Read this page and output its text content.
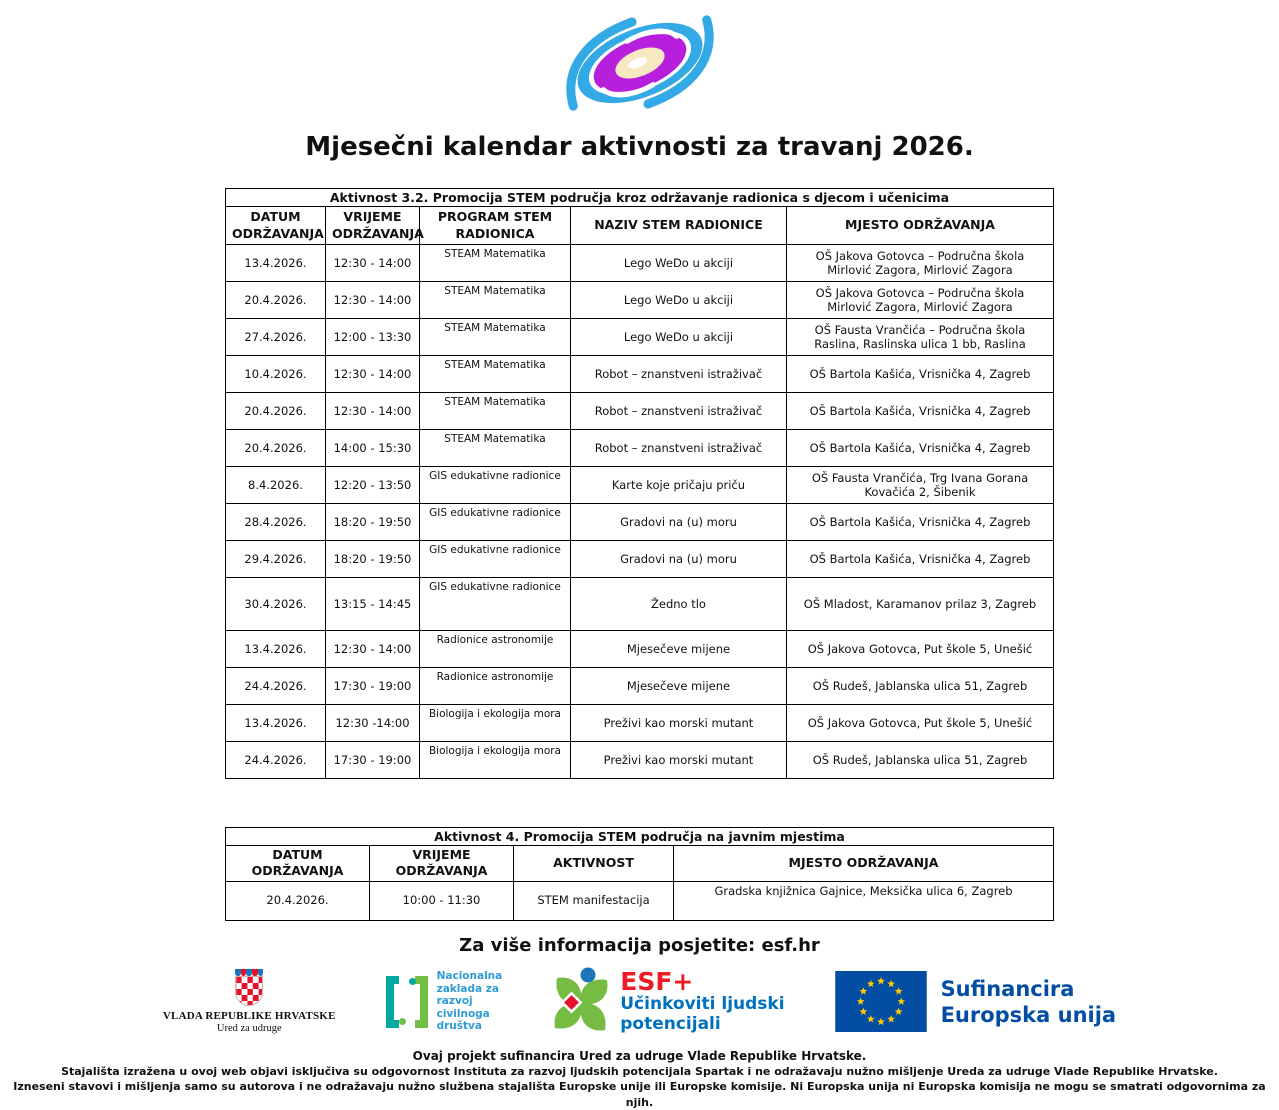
Mjesečni kalendar aktivnosti za travanj 2026.
Aktivnost 3.2. Promocija STEM područja kroz održavanje radionica s djecom i učenicima				
DATUM ODRŽAVANJA	VRIJEME ODRŽAVANJA	PROGRAM STEM RADIONICA	NAZIV STEM RADIONICE	MJESTO ODRŽAVANJA
13.4.2026.	12:30 - 14:00	STEAM Matematika	Lego WeDo u akciji	OŠ Jakova Gotovca – Područna škola Mirlović Zagora, Mirlović Zagora
20.4.2026.	12:30 - 14:00	STEAM Matematika	Lego WeDo u akciji	OŠ Jakova Gotovca – Područna škola Mirlović Zagora, Mirlović Zagora
27.4.2026.	12:00 - 13:30	STEAM Matematika	Lego WeDo u akciji	OŠ Fausta Vrančića – Područna škola Raslina, Raslinska ulica 1 bb, Raslina
10.4.2026.	12:30 - 14:00	STEAM Matematika	Robot – znanstveni istraživač	OŠ Bartola Kašića, Vrisnička 4, Zagreb
20.4.2026.	12:30 - 14:00	STEAM Matematika	Robot – znanstveni istraživač	OŠ Bartola Kašića, Vrisnička 4, Zagreb
20.4.2026.	14:00 - 15:30	STEAM Matematika	Robot – znanstveni istraživač	OŠ Bartola Kašića, Vrisnička 4, Zagreb
8.4.2026.	12:20 - 13:50	GIS edukativne radionice	Karte koje pričaju priču	OŠ Fausta Vrančića, Trg Ivana Gorana Kovačića 2, Šibenik
28.4.2026.	18:20 - 19:50	GIS edukativne radionice	Gradovi na (u) moru	OŠ Bartola Kašića, Vrisnička 4, Zagreb
29.4.2026.	18:20 - 19:50	GIS edukativne radionice	Gradovi na (u) moru	OŠ Bartola Kašića, Vrisnička 4, Zagreb
30.4.2026.	13:15 - 14:45	GIS edukativne radionice	Žedno tlo	OŠ Mladost, Karamanov prilaz 3, Zagreb
13.4.2026.	12:30 - 14:00	Radionice astronomije	Mjesečeve mijene	OŠ Jakova Gotovca, Put škole 5, Unešić
24.4.2026.	17:30 - 19:00	Radionice astronomije	Mjesečeve mijene	OŠ Rudeš, Jablanska ulica 51, Zagreb
13.4.2026.	12:30 -14:00	Biologija i ekologija mora	Preživi kao morski mutant	OŠ Jakova Gotovca, Put škole 5, Unešić
24.4.2026.	17:30 - 19:00	Biologija i ekologija mora	Preživi kao morski mutant	OŠ Rudeš, Jablanska ulica 51, Zagreb
Aktivnost 4. Promocija STEM područja na javnim mjestima			
DATUM ODRŽAVANJA	VRIJEME ODRŽAVANJA	AKTIVNOST	MJESTO ODRŽAVANJA
20.4.2026.	10:00 - 11:30	STEM manifestacija	Gradska knjižnica Gajnice, Meksička ulica 6, Zagreb
Za više informacija posjetite: esf.hr
VLADA REPUBLIKE HRVATSKE
Ured za udruge
Nacionalna
zaklada za
razvoj
civilnoga
društva
ESF+
Učinkoviti ljudski
potencijali
Sufinancira
Europska unija
Ovaj projekt sufinancira Ured za udruge Vlade Republike Hrvatske.
Stajališta izražena u ovoj web objavi isključiva su odgovornost Instituta za razvoj ljudskih potencijala Spartak i ne odražavaju nužno mišljenje Ureda za udruge Vlade Republike Hrvatske.
Izneseni stavovi i mišljenja samo su autorova i ne odražavaju nužno službena stajališta Europske unije ili Europske komisije. Ni Europska unija ni Europska komisija ne mogu se smatrati odgovornima za njih.
